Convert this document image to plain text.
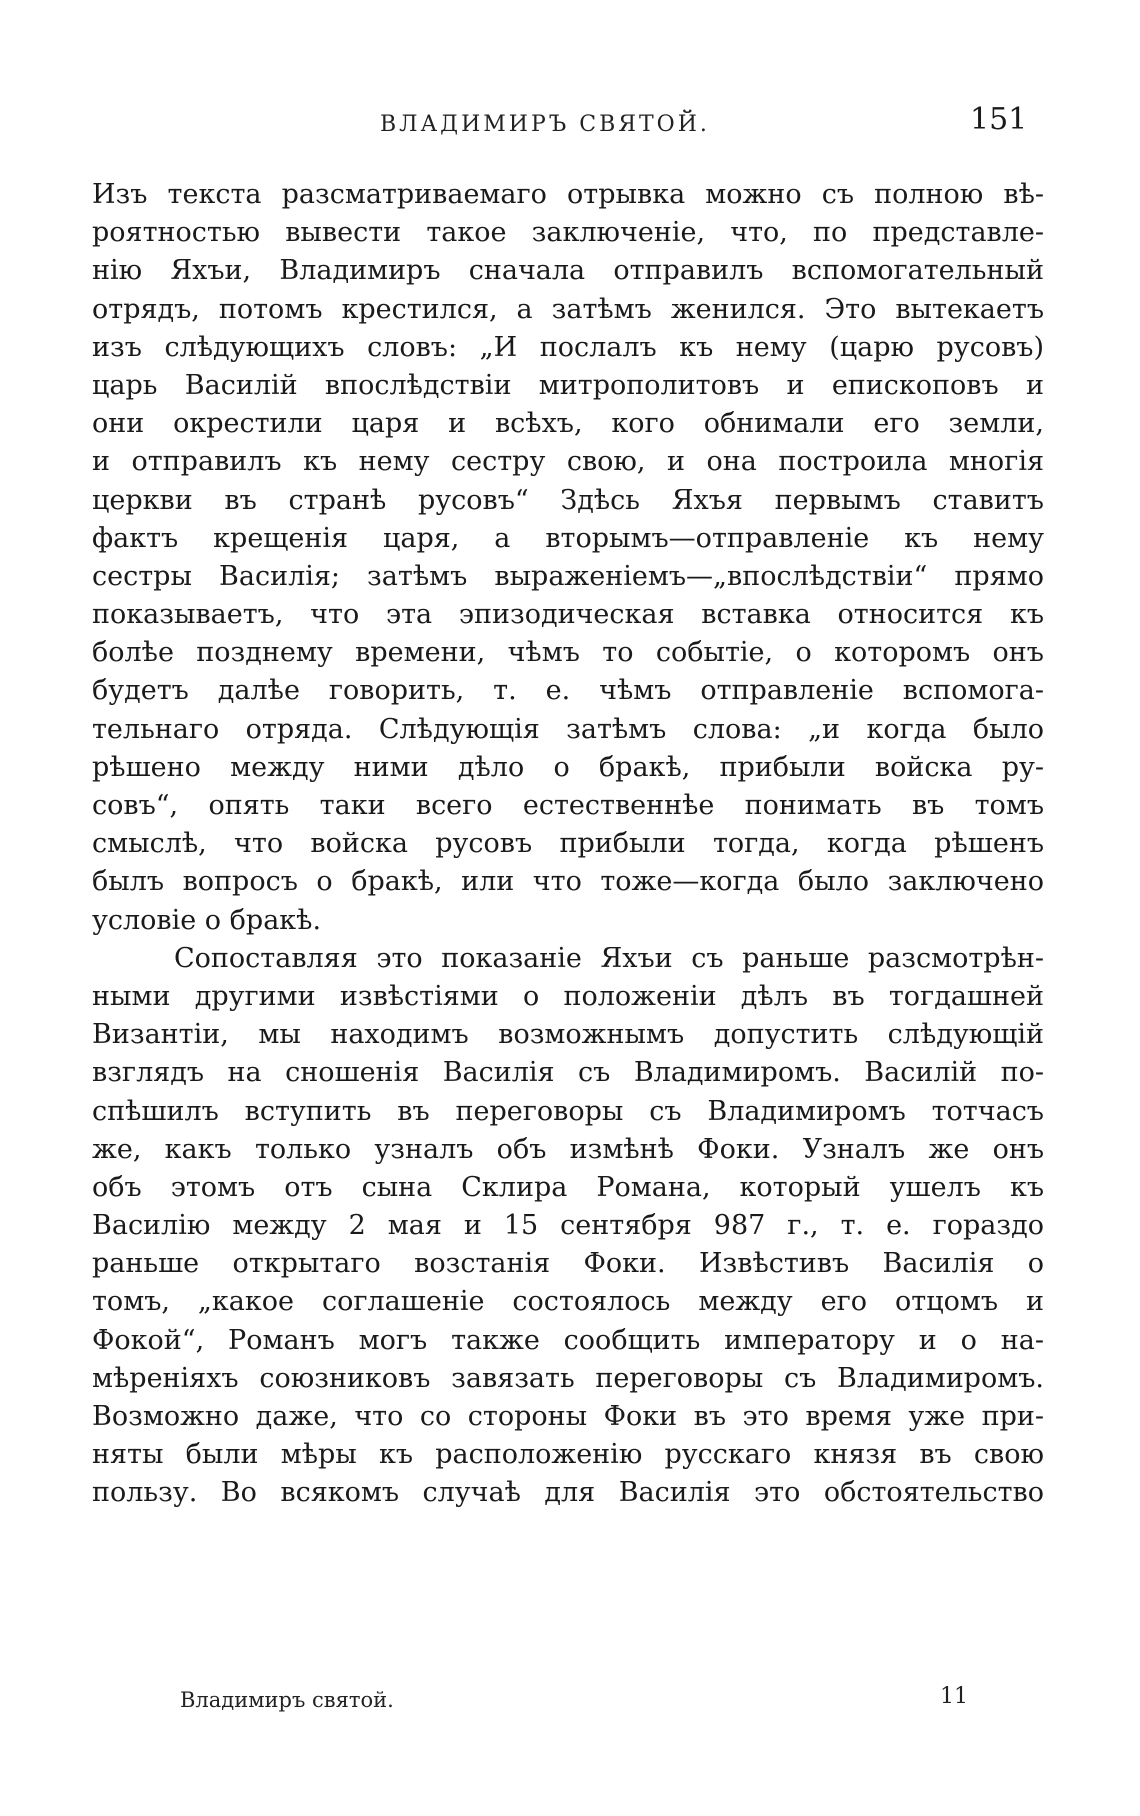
ВЛАДИМИРЪ СВЯТОЙ.	151
Изъ текста разсматриваемаго отрывка можно съ полною вѣ-
роятностью вывести такое заключеніе, что, по представле-
нію Яхъи, Владимиръ сначала отправилъ вспомогательный
отрядъ, потомъ крестился, а затѣмъ женился. Это вытекаетъ
изъ слѣдующихъ словъ: „И послалъ къ нему (царю русовъ)
царь Василій впослѣдствіи митрополитовъ и епископовъ и
они окрестили царя и всѣхъ, кого обнимали его земли,
и отправилъ къ нему сестру свою, и она построила многія
церкви въ странѣ русовъ“ Здѣсь Яхъя первымъ ставитъ
фактъ крещенія царя, а вторымъ—отправленіе къ нему
сестры Василія; затѣмъ выраженіемъ—„впослѣдствіи“ прямо
показываетъ, что эта эпизодическая вставка относится къ
болѣе позднему времени, чѣмъ то событіе, о которомъ онъ
будетъ далѣе говорить, т. е. чѣмъ отправленіе вспомога-
тельнаго отряда. Слѣдующія затѣмъ слова: „и когда было
рѣшено между ними дѣло о бракѣ, прибыли войска ру-
совъ“, опять таки всего естественнѣе понимать въ томъ
смыслѣ, что войска русовъ прибыли тогда, когда рѣшенъ
былъ вопросъ о бракѣ, или что тоже—когда было заключено
условіе о бракѣ.
Сопоставляя это показаніе Яхъи съ раньше разсмотрѣн-
ными другими извѣстіями о положеніи дѣлъ въ тогдашней
Византіи, мы находимъ возможнымъ допустить слѣдующій
взглядъ на сношенія Василія съ Владимиромъ. Василій по-
спѣшилъ вступить въ переговоры съ Владимиромъ тотчасъ
же, какъ только узналъ объ измѣнѣ Фоки. Узналъ же онъ
объ этомъ отъ сына Склира Романа, который ушелъ къ
Василію между 2 мая и 15 сентября 987 г., т. е. гораздо
раньше открытаго возстанія Фоки. Извѣстивъ Василія о
томъ, „какое соглашеніе состоялось между его отцомъ и
Фокой“, Романъ могъ также сообщить императору и о на-
мѣреніяхъ союзниковъ завязать переговоры съ Владимиромъ.
Возможно даже, что со стороны Фоки въ это время уже при-
няты были мѣры къ расположенію русскаго князя въ свою
пользу. Во всякомъ случаѣ для Василія это обстоятельство
Владимиръ святой.	11
